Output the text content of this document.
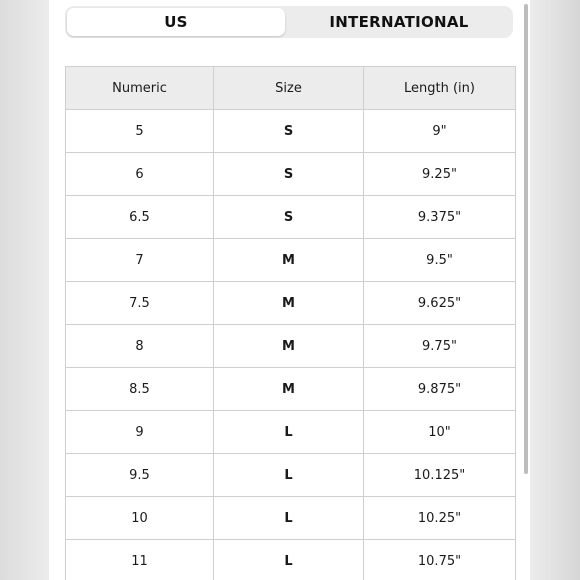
US	INTERNATIONAL
Numeric	Size	Length (in)
5	S	9"
6	S	9.25"
6.5	S	9.375"
7	M	9.5"
7.5	M	9.625"
8	M	9.75"
8.5	M	9.875"
9	L	10"
9.5	L	10.125"
10	L	10.25"
11	L	10.75"
